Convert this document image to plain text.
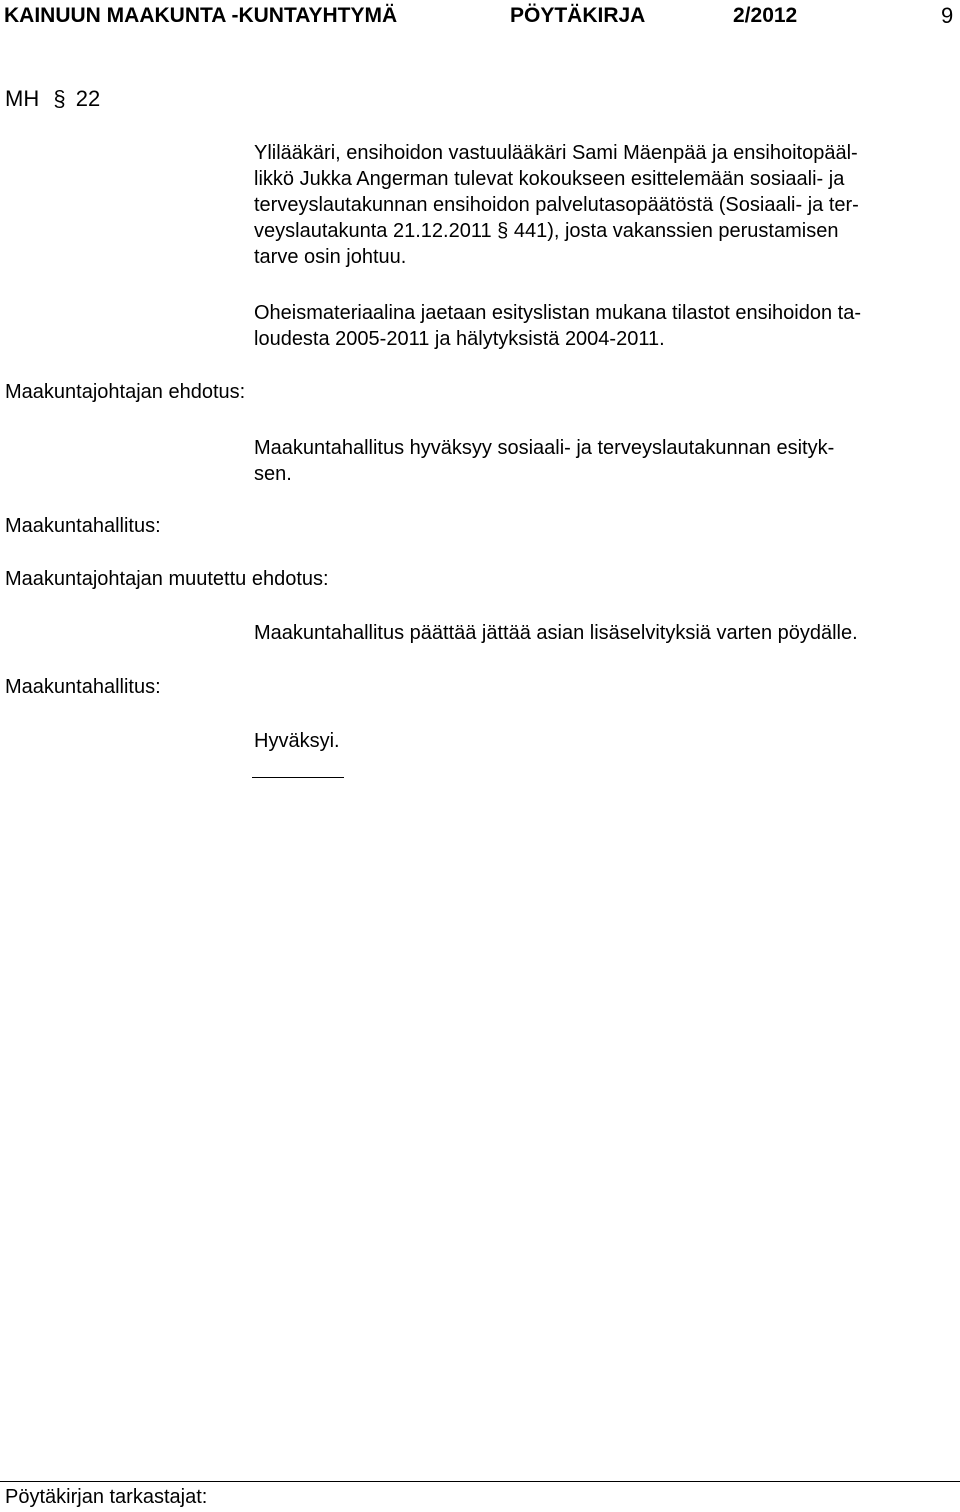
KAINUUN MAAKUNTA -KUNTAYHTYMÄ	PÖYTÄKIRJA	2/2012	9
MH § 22
Ylilääkäri, ensihoidon vastuulääkäri Sami Mäenpää ja ensihoitopääl-
likkö Jukka Angerman tulevat kokoukseen esittelemään sosiaali- ja
terveyslautakunnan ensihoidon palvelutasopäätöstä (Sosiaali- ja ter-
veyslautakunta 21.12.2011 § 441), josta vakanssien perustamisen
tarve osin johtuu.
Oheismateriaalina jaetaan esityslistan mukana tilastot ensihoidon ta-
loudesta 2005-2011 ja hälytyksistä 2004-2011.
Maakuntajohtajan ehdotus:
Maakuntahallitus hyväksyy sosiaali- ja terveyslautakunnan esityk-
sen.
Maakuntahallitus:
Maakuntajohtajan muutettu ehdotus:
Maakuntahallitus päättää jättää asian lisäselvityksiä varten pöydälle.
Maakuntahallitus:
Hyväksyi.
Pöytäkirjan tarkastajat:
